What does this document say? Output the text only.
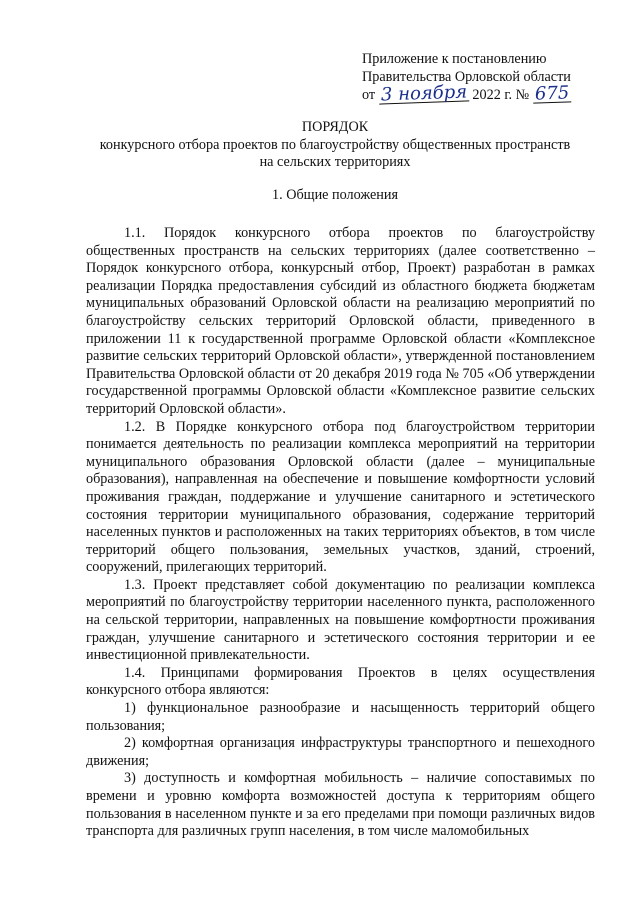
Приложение к постановлению
Правительства Орловской области
от 3 ноября 2022 г. № 675
ПОРЯДОК
конкурсного отбора проектов по благоустройству общественных пространств
на сельских территориях
1. Общие положения

1.1. Порядок конкурсного отбора проектов по благоустройству общественных пространств на сельских территориях (далее соответственно – Порядок конкурсного отбора, конкурсный отбор, Проект) разработан в рамках реализации Порядка предоставления субсидий из областного бюджета бюджетам муниципальных образований Орловской области на реализацию мероприятий по благоустройству сельских территорий Орловской области, приведенного в приложении 11 к государственной программе Орловской области «Комплексное развитие сельских территорий Орловской области», утвержденной постановлением Правительства Орловской области от 20 декабря 2019 года № 705 «Об утверждении государственной программы Орловской области «Комплексное развитие сельских территорий Орловской области».

1.2. В Порядке конкурсного отбора под благоустройством территории понимается деятельность по реализации комплекса мероприятий на территории муниципального образования Орловской области (далее – муниципальные образования), направленная на обеспечение и повышение комфортности условий проживания граждан, поддержание и улучшение санитарного и эстетического состояния территории муниципального образования, содержание территорий населенных пунктов и расположенных на таких территориях объектов, в том числе территорий общего пользования, земельных участков, зданий, строений, сооружений, прилегающих территорий.

1.3. Проект представляет собой документацию по реализации комплекса мероприятий по благоустройству территории населенного пункта, расположенного на сельской территории, направленных на повышение комфортности проживания граждан, улучшение санитарного и эстетического состояния территории и ее инвестиционной привлекательности.

1.4. Принципами формирования Проектов в целях осуществления конкурсного отбора являются:

1) функциональное разнообразие и насыщенность территорий общего пользования;

2) комфортная организация инфраструктуры транспортного и пешеходного движения;

3) доступность и комфортная мобильность – наличие сопоставимых по времени и уровню комфорта возможностей доступа к территориям общего пользования в населенном пункте и за его пределами при помощи различных видов транспорта для различных групп населения, в том числе маломобильных
